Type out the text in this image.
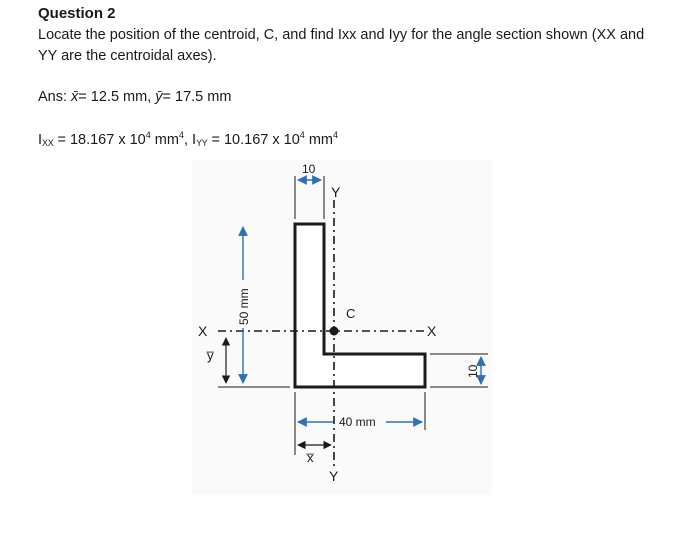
Question 2
Locate the position of the centroid, C, and find Ixx and Iyy for the angle section shown (XX and YY are the centroidal axes).
Ans: x̄= 12.5 mm, ȳ= 17.5 mm
IXX = 18.167 x $10^4$ $mm^4$, IYY = 10.167 x $10^4$ $mm^4$
C
Y
Y
X	X
10
50 mm
y̅
40 mm
x̅
10
